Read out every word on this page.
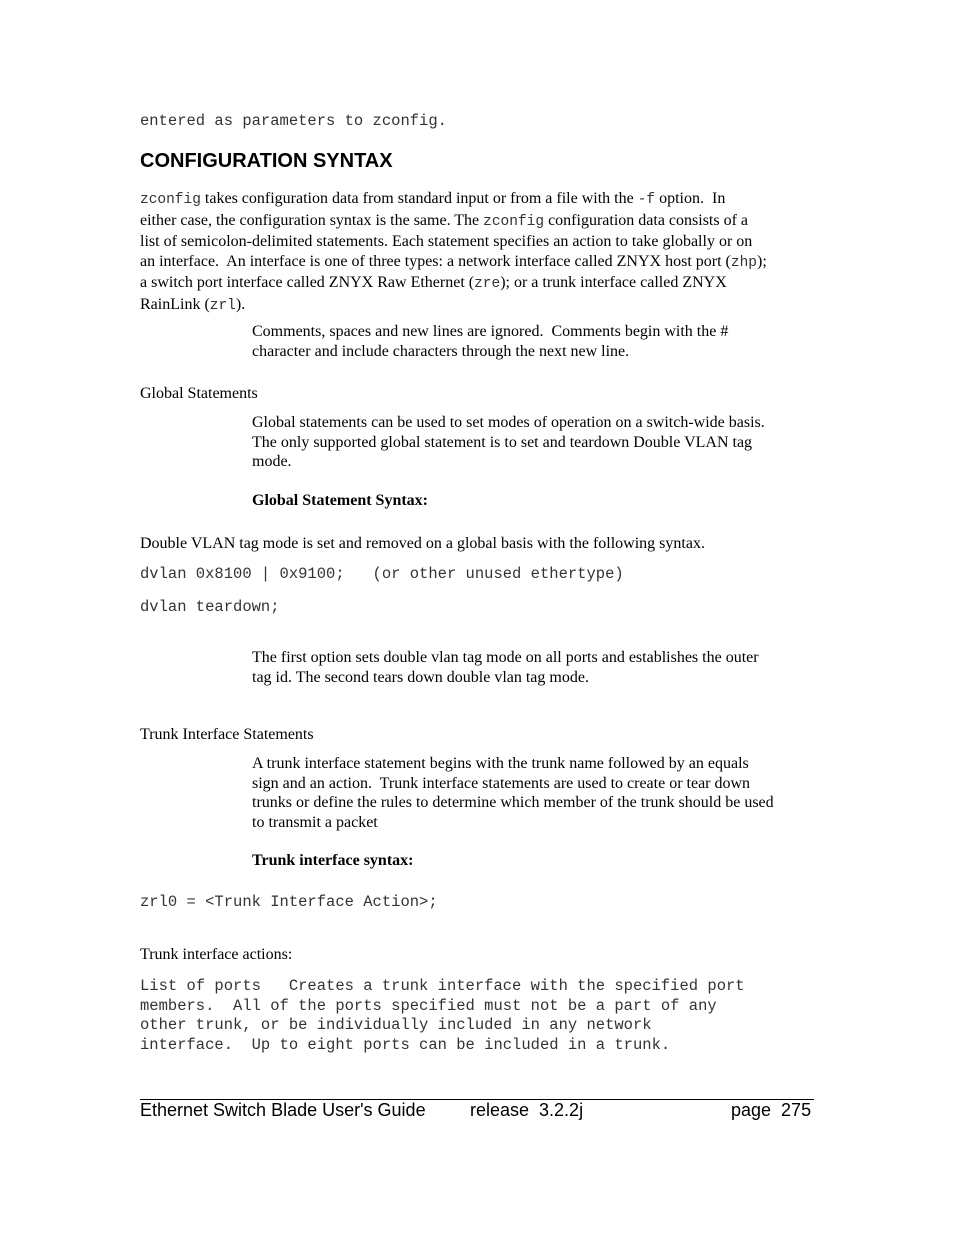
entered as parameters to zconfig.
CONFIGURATION SYNTAX
zconfig takes configuration data from standard input or from a file with the -f option.  In
either case, the configuration syntax is the same. The zconfig configuration data consists of a
list of semicolon-delimited statements. Each statement specifies an action to take globally or on
an interface.  An interface is one of three types: a network interface called ZNYX host port (zhp);
a switch port interface called ZNYX Raw Ethernet (zre); or a trunk interface called ZNYX
RainLink (zrl).
Comments, spaces and new lines are ignored.  Comments begin with the #
character and include characters through the next new line.
Global Statements
Global statements can be used to set modes of operation on a switch-wide basis.
The only supported global statement is to set and teardown Double VLAN tag
mode.
Global Statement Syntax:
Double VLAN tag mode is set and removed on a global basis with the following syntax.
dvlan 0x8100 | 0x9100;   (or other unused ethertype)
dvlan teardown;
The first option sets double vlan tag mode on all ports and establishes the outer
tag id. The second tears down double vlan tag mode.
Trunk Interface Statements
A trunk interface statement begins with the trunk name followed by an equals
sign and an action.  Trunk interface statements are used to create or tear down
trunks or define the rules to determine which member of the trunk should be used
to transmit a packet
Trunk interface syntax:
zrl0 = <Trunk Interface Action>;
Trunk interface actions:
List of ports   Creates a trunk interface with the specified port
members.  All of the ports specified must not be a part of any
other trunk, or be individually included in any network
interface.  Up to eight ports can be included in a trunk.
Ethernet Switch Blade User's Guide release  3.2.2j	page  275
